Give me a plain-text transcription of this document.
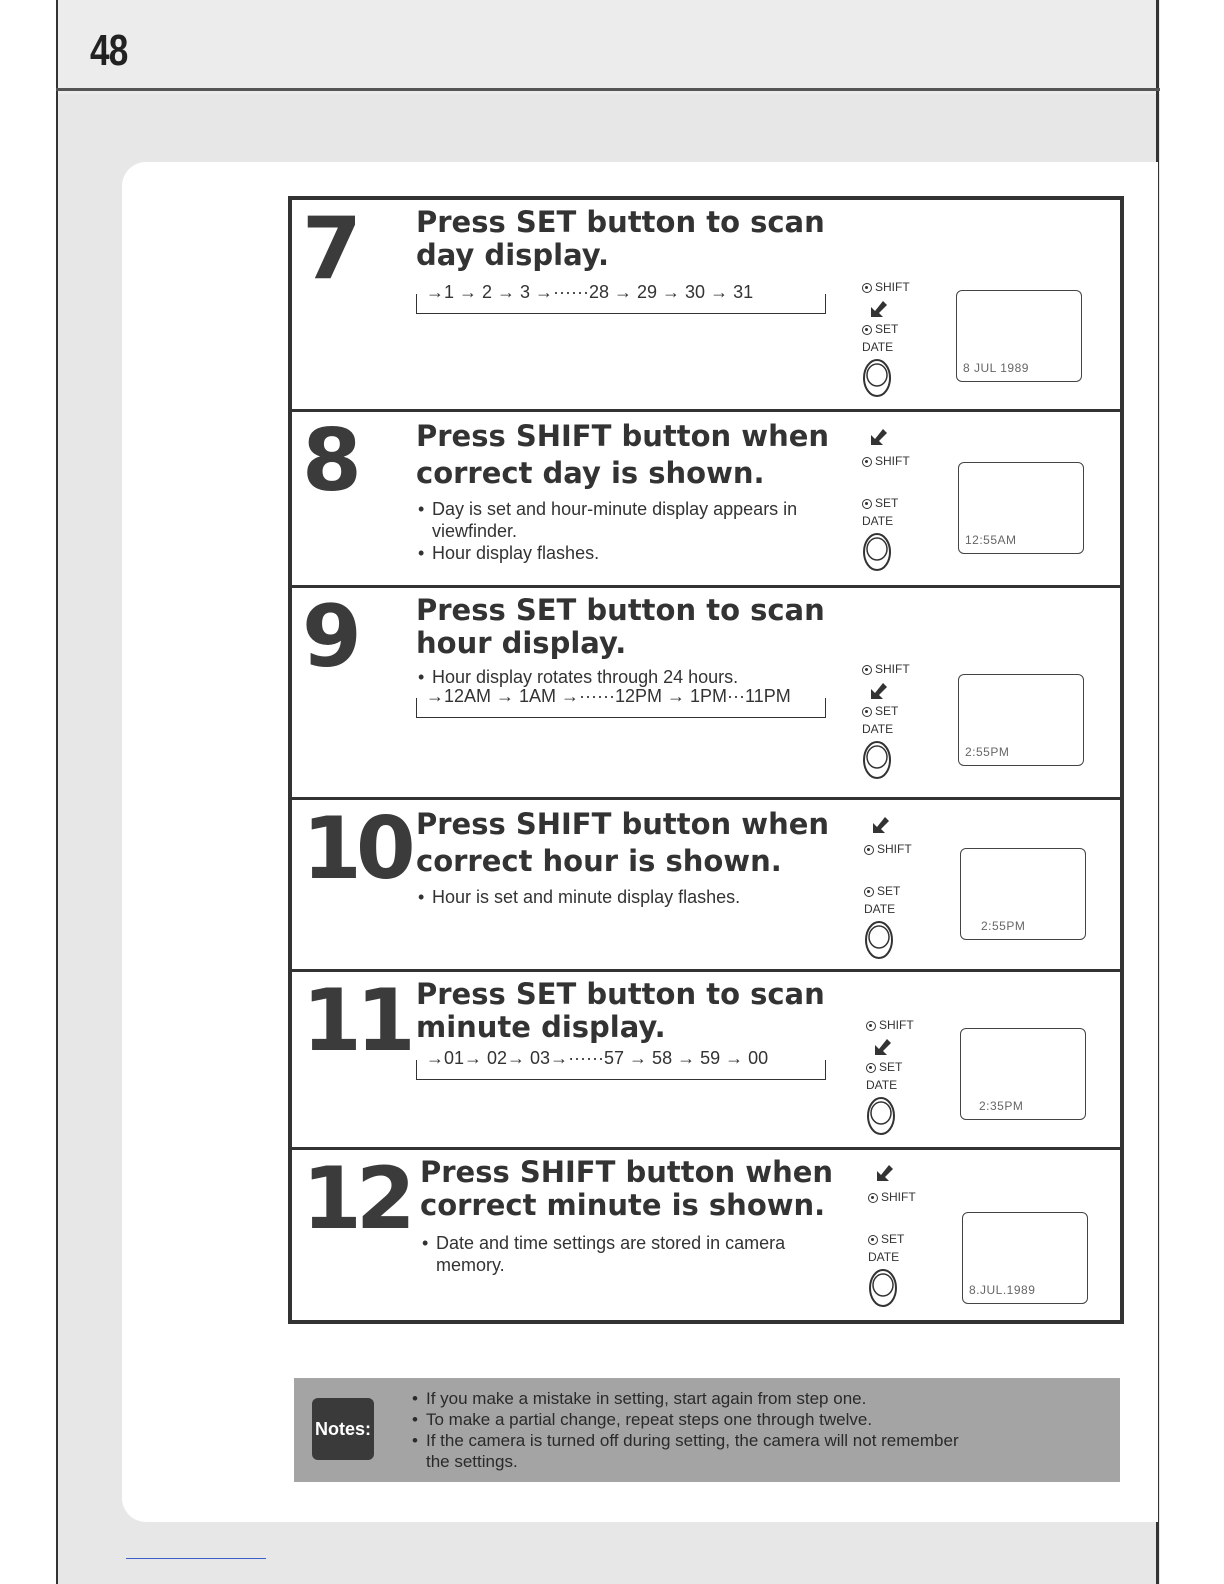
48
7 Press SET button to scan day display.
→1 → 2 → 3 →······28 → 29 → 30 → 31	SHIFT
SET
DATE
8 JUL 1989
8 Press SHIFT button when correct day is shown.
• Day is set and hour-minute display appears in viewfinder.
• Hour display flashes.
SHIFT
SET
DATE
12:55AM
9 Press SET button to scan hour display.
• Hour display rotates through 24 hours.
→12AM → 1AM →······12PM → 1PM···11PM
SHIFT
SET
DATE
2:55PM
10 Press SHIFT button when correct hour is shown.
• Hour is set and minute display flashes.
SHIFT
SET
DATE
2:55PM
11 Press SET button to scan minute display.
→01→ 02→ 03→······57 → 58 → 59 → 00
SHIFT
SET
DATE
2:35PM
12 Press SHIFT button when correct minute is shown.
• Date and time settings are stored in camera memory.
SHIFT
SET
DATE
8.JUL.1989
Notes:
• If you make a mistake in setting, start again from step one.
• To make a partial change, repeat steps one through twelve.
• If the camera is turned off during setting, the camera will not remember the settings.
